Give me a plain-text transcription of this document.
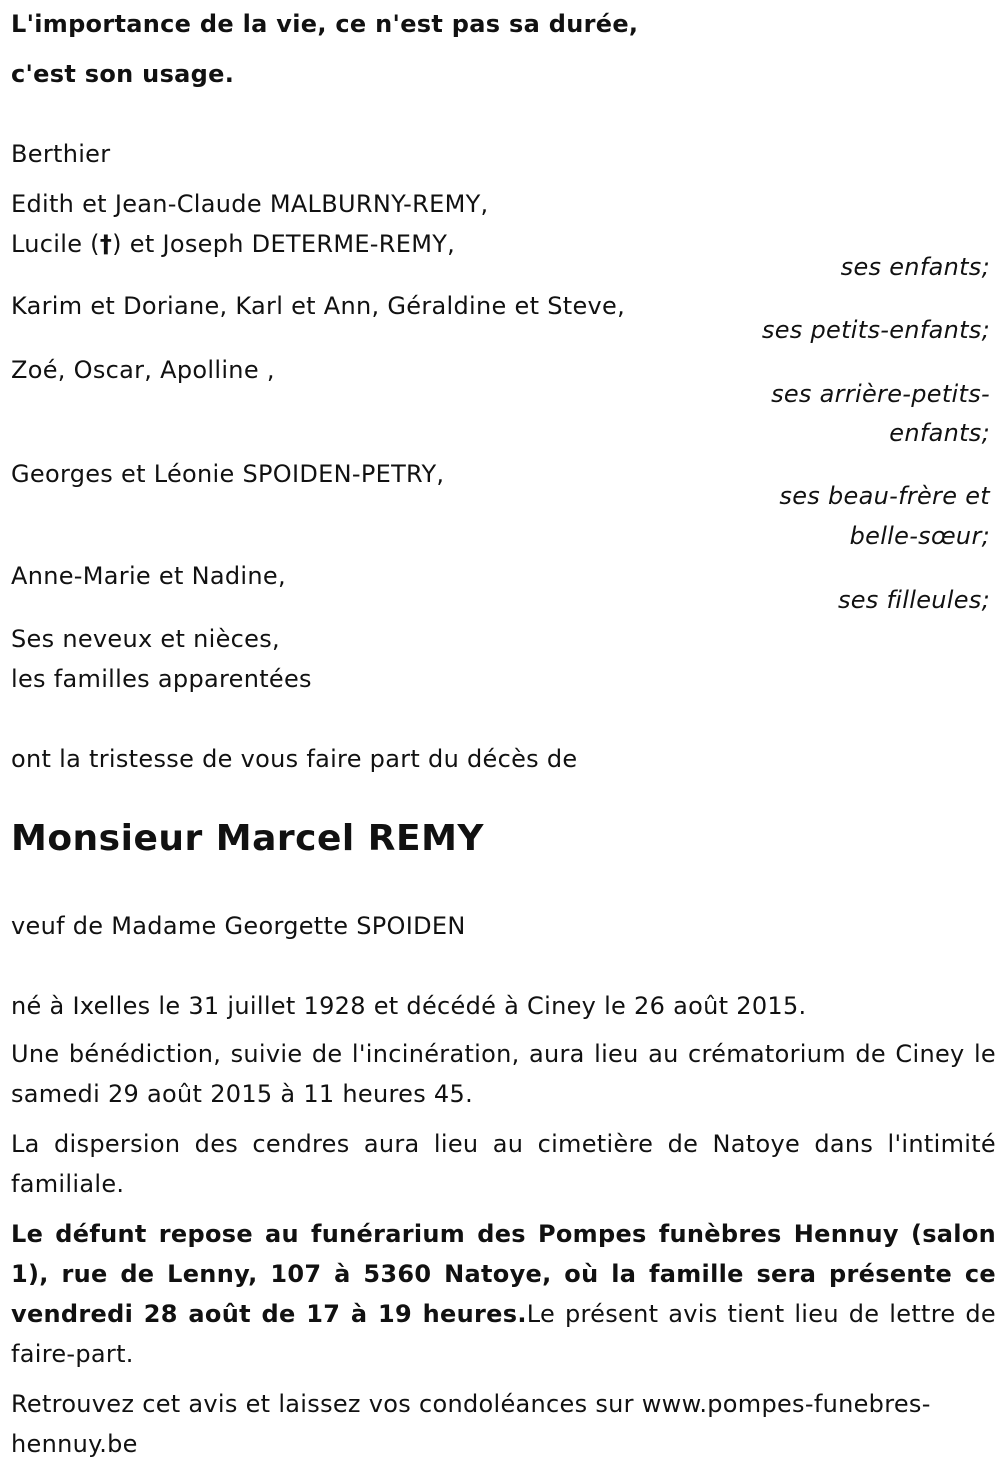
L'importance de la vie, ce n'est pas sa durée,
c'est son usage.
Berthier
Edith et Jean-Claude MALBURNY-REMY,
Lucile (†) et Joseph DETERME-REMY,
ses enfants;
Karim et Doriane, Karl et Ann, Géraldine et Steve,
ses petits-enfants;
Zoé, Oscar, Apolline ,
ses arrière-petits-
enfants;
Georges et Léonie SPOIDEN-PETRY,
ses beau-frère et
belle-sœur;
Anne-Marie et Nadine,
ses filleules;
Ses neveux et nièces,
les familles apparentées
ont la tristesse de vous faire part du décès de
Monsieur Marcel REMY
veuf de Madame Georgette SPOIDEN
né à Ixelles le 31 juillet 1928 et décédé à Ciney le 26 août 2015.
Une bénédiction, suivie de l'incinération, aura lieu au crématorium de Ciney le samedi 29 août 2015 à 11 heures 45.
La dispersion des cendres aura lieu au cimetière de Natoye dans l'intimité familiale.
Le défunt repose au funérarium des Pompes funèbres Hennuy (salon 1), rue de Lenny, 107 à 5360 Natoye, où la famille sera présente ce vendredi 28 août de 17 à 19 heures.Le présent avis tient lieu de lettre de faire-part.
Retrouvez cet avis et laissez vos condoléances sur www.pompes-funebres-hennuy.be
